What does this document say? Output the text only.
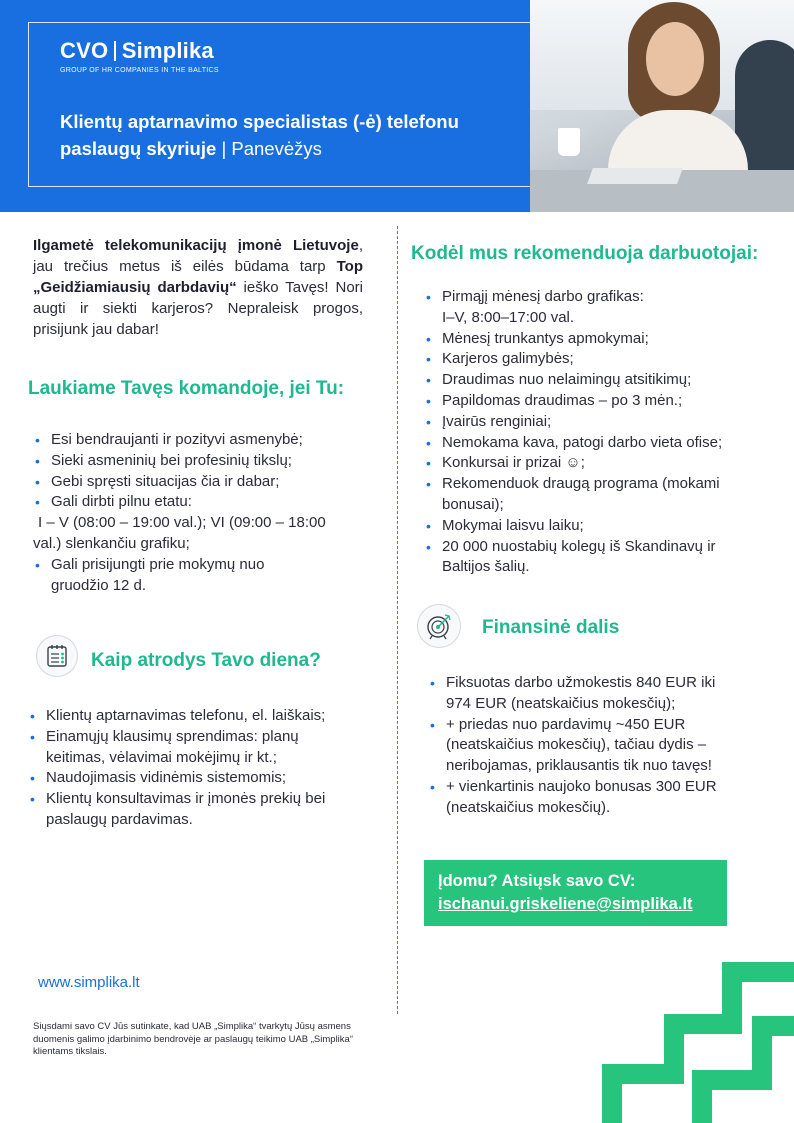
CVO Simplika
GROUP OF HR COMPANIES IN THE BALTICS
Klientų aptarnavimo specialistas (-ė) telefonu
paslaugų skyriuje | Panevėžys
Ilgametė telekomunikacijų įmonė Lietuvoje, jau trečius metus iš eilės būdama tarp Top „Geidžiamiausių darbdavių“ ieško Tavęs! Nori augti ir siekti karjeros? Nepraleisk progos, prisijunk jau dabar!
Laukiame Tavęs komandoje, jei Tu:
• Esi bendraujanti ir pozityvi asmenybė;
• Sieki asmeninių bei profesinių tikslų;
• Gebi spręsti situacijas čia ir dabar;
• Gali dirbti pilnu etatu:
I – V (08:00 – 19:00 val.); VI (09:00 – 18:00
val.) slenkančiu grafiku;
• Gali prisijungti prie mokymų nuo
gruodžio 12 d.
Kaip atrodys Tavo diena?
• Klientų aptarnavimas telefonu, el. laiškais;
• Einamųjų klausimų sprendimas: planų
keitimas, vėlavimai mokėjimų ir kt.;
• Naudojimasis vidinėmis sistemomis;
• Klientų konsultavimas ir įmonės prekių bei
paslaugų pardavimas.
Kodėl mus rekomenduoja darbuotojai:
• Pirmąjį mėnesį darbo grafikas:
I–V, 8:00–17:00 val.
• Mėnesį trunkantys apmokymai;
• Karjeros galimybės;
• Draudimas nuo nelaimingų atsitikimų;
• Papildomas draudimas – po 3 mėn.;
• Įvairūs renginiai;
• Nemokama kava, patogi darbo vieta ofise;
• Konkursai ir prizai ☺;
• Rekomenduok draugą programa (mokami
bonusai);
• Mokymai laisvu laiku;
• 20 000 nuostabių kolegų iš Skandinavų ir
Baltijos šalių.
Finansinė dalis
• Fiksuotas darbo užmokestis 840 EUR iki
974 EUR (neatskaičius mokesčių);
• + priedas nuo pardavimų ~450 EUR
(neatskaičius mokesčių), tačiau dydis –
neribojamas, priklausantis tik nuo tavęs!
• + vienkartinis naujoko bonusas 300 EUR
(neatskaičius mokesčių).
Įdomu? Atsiųsk savo CV:
ischanui.griskeliene@simplika.lt
www.simplika.lt
Siųsdami savo CV Jūs sutinkate, kad UAB „Simplika“ tvarkytų Jūsų asmens duomenis galimo įdarbinimo bendrovėje ar paslaugų teikimo UAB „Simplika“ klientams tikslais.
